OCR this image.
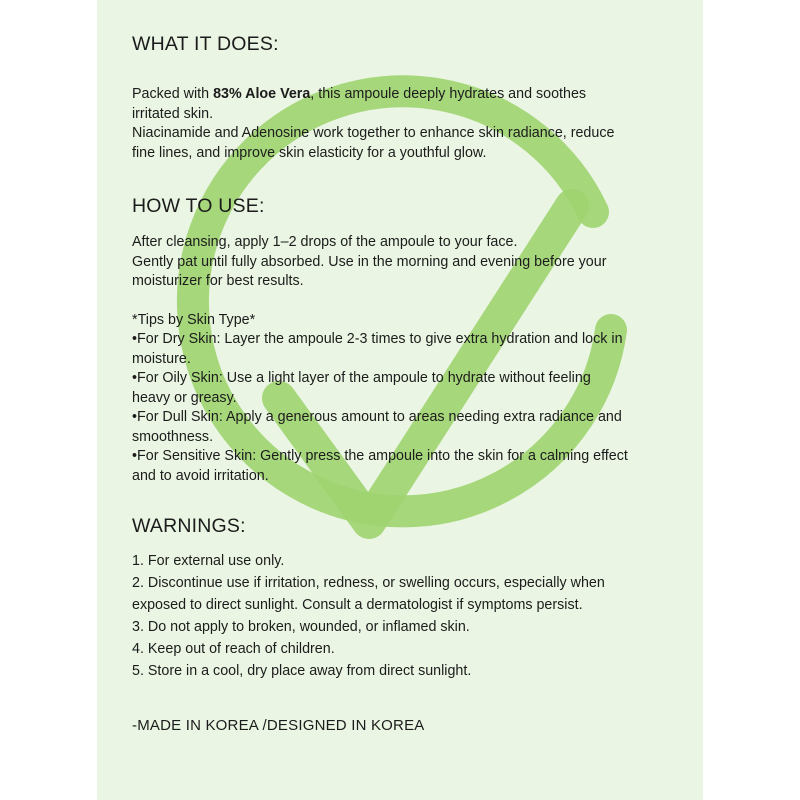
WHAT IT DOES:

Packed with 83% Aloe Vera, this ampoule deeply hydrates and soothes

irritated skin.

Niacinamide and Adenosine work together to enhance skin radiance, reduce

fine lines, and improve skin elasticity for a youthful glow.

HOW TO USE:

After cleansing, apply 1–2 drops of the ampoule to your face.

Gently pat until fully absorbed. Use in the morning and evening before your

moisturizer for best results.

*Tips by Skin Type*

•For Dry Skin: Layer the ampoule 2-3 times to give extra hydration and lock in

moisture.

•For Oily Skin: Use a light layer of the ampoule to hydrate without feeling

heavy or greasy.

•For Dull Skin: Apply a generous amount to areas needing extra radiance and

smoothness.

•For Sensitive Skin: Gently press the ampoule into the skin for a calming effect

and to avoid irritation.

WARNINGS:

1. For external use only.

2. Discontinue use if irritation, redness, or swelling occurs, especially when

exposed to direct sunlight. Consult a dermatologist if symptoms persist.

3. Do not apply to broken, wounded, or inflamed skin.

4. Keep out of reach of children.

5. Store in a cool, dry place away from direct sunlight.

-MADE IN KOREA /DESIGNED IN KOREA
